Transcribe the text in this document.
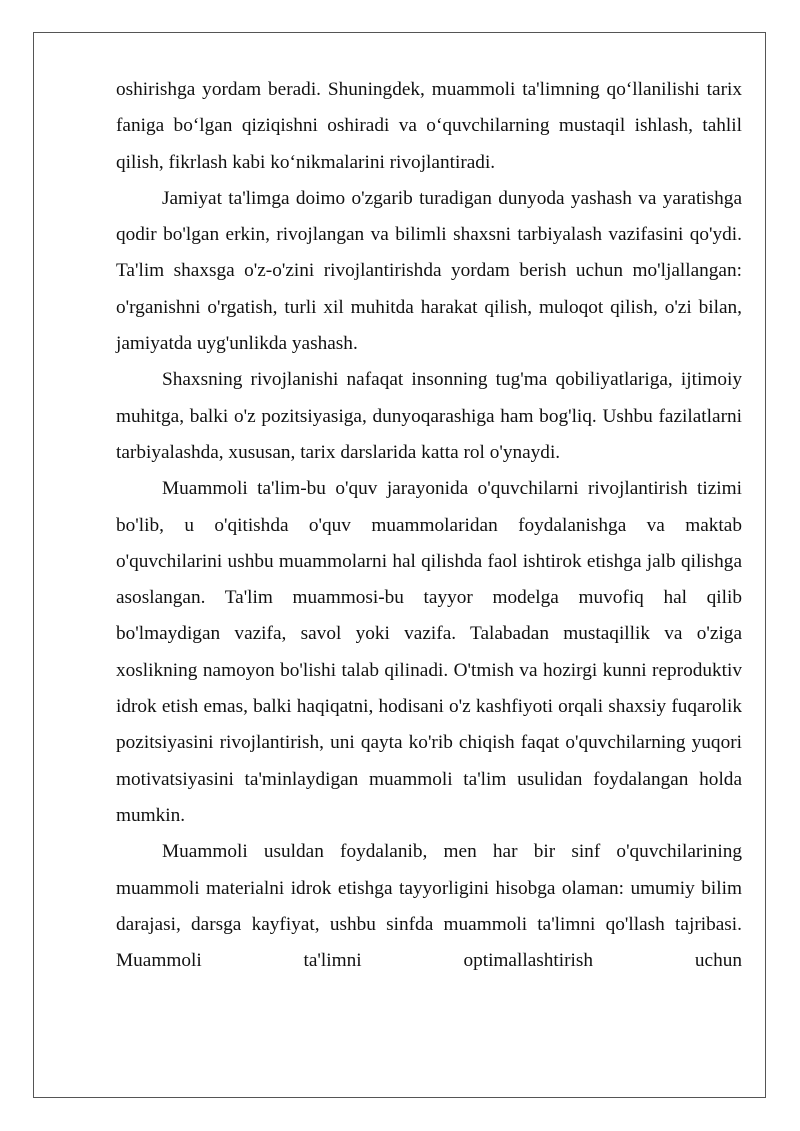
oshirishga yordam beradi. Shuningdek, muammoli ta'limning qo‘llanilishi tarix faniga bo‘lgan qiziqishni oshiradi va o‘quvchilarning mustaqil ishlash, tahlil qilish, fikrlash kabi ko‘nikmalarini rivojlantiradi.

Jamiyat ta'limga doimo o'zgarib turadigan dunyoda yashash va yaratishga qodir bo'lgan erkin, rivojlangan va bilimli shaxsni tarbiyalash vazifasini qo'ydi. Ta'lim shaxsga o'z-o'zini rivojlantirishda yordam berish uchun mo'ljallangan: o'rganishni o'rgatish, turli xil muhitda harakat qilish, muloqot qilish, o'zi bilan, jamiyatda uyg'unlikda yashash.

Shaxsning rivojlanishi nafaqat insonning tug'ma qobiliyatlariga, ijtimoiy muhitga, balki o'z pozitsiyasiga, dunyoqarashiga ham bog'liq. Ushbu fazilatlarni tarbiyalashda, xususan, tarix darslarida katta rol o'ynaydi.

Muammoli ta'lim-bu o'quv jarayonida o'quvchilarni rivojlantirish tizimi bo'lib, u o'qitishda o'quv muammolaridan foydalanishga va maktab o'quvchilarini ushbu muammolarni hal qilishda faol ishtirok etishga jalb qilishga asoslangan. Ta'lim muammosi-bu tayyor modelga muvofiq hal qilib bo'lmaydigan vazifa, savol yoki vazifa. Talabadan mustaqillik va o'ziga xoslikning namoyon bo'lishi talab qilinadi. O'tmish va hozirgi kunni reproduktiv idrok etish emas, balki haqiqatni, hodisani o'z kashfiyoti orqali shaxsiy fuqarolik pozitsiyasini rivojlantirish, uni qayta ko'rib chiqish faqat o'quvchilarning yuqori motivatsiyasini ta'minlaydigan muammoli ta'lim usulidan foydalangan holda mumkin.

Muammoli usuldan foydalanib, men har bir sinf o'quvchilarining muammoli materialni idrok etishga tayyorligini hisobga olaman: umumiy bilim darajasi, darsga kayfiyat, ushbu sinfda muammoli ta'limni qo'llash tajribasi. Muammoli ta'limni optimallashtirish uchun
